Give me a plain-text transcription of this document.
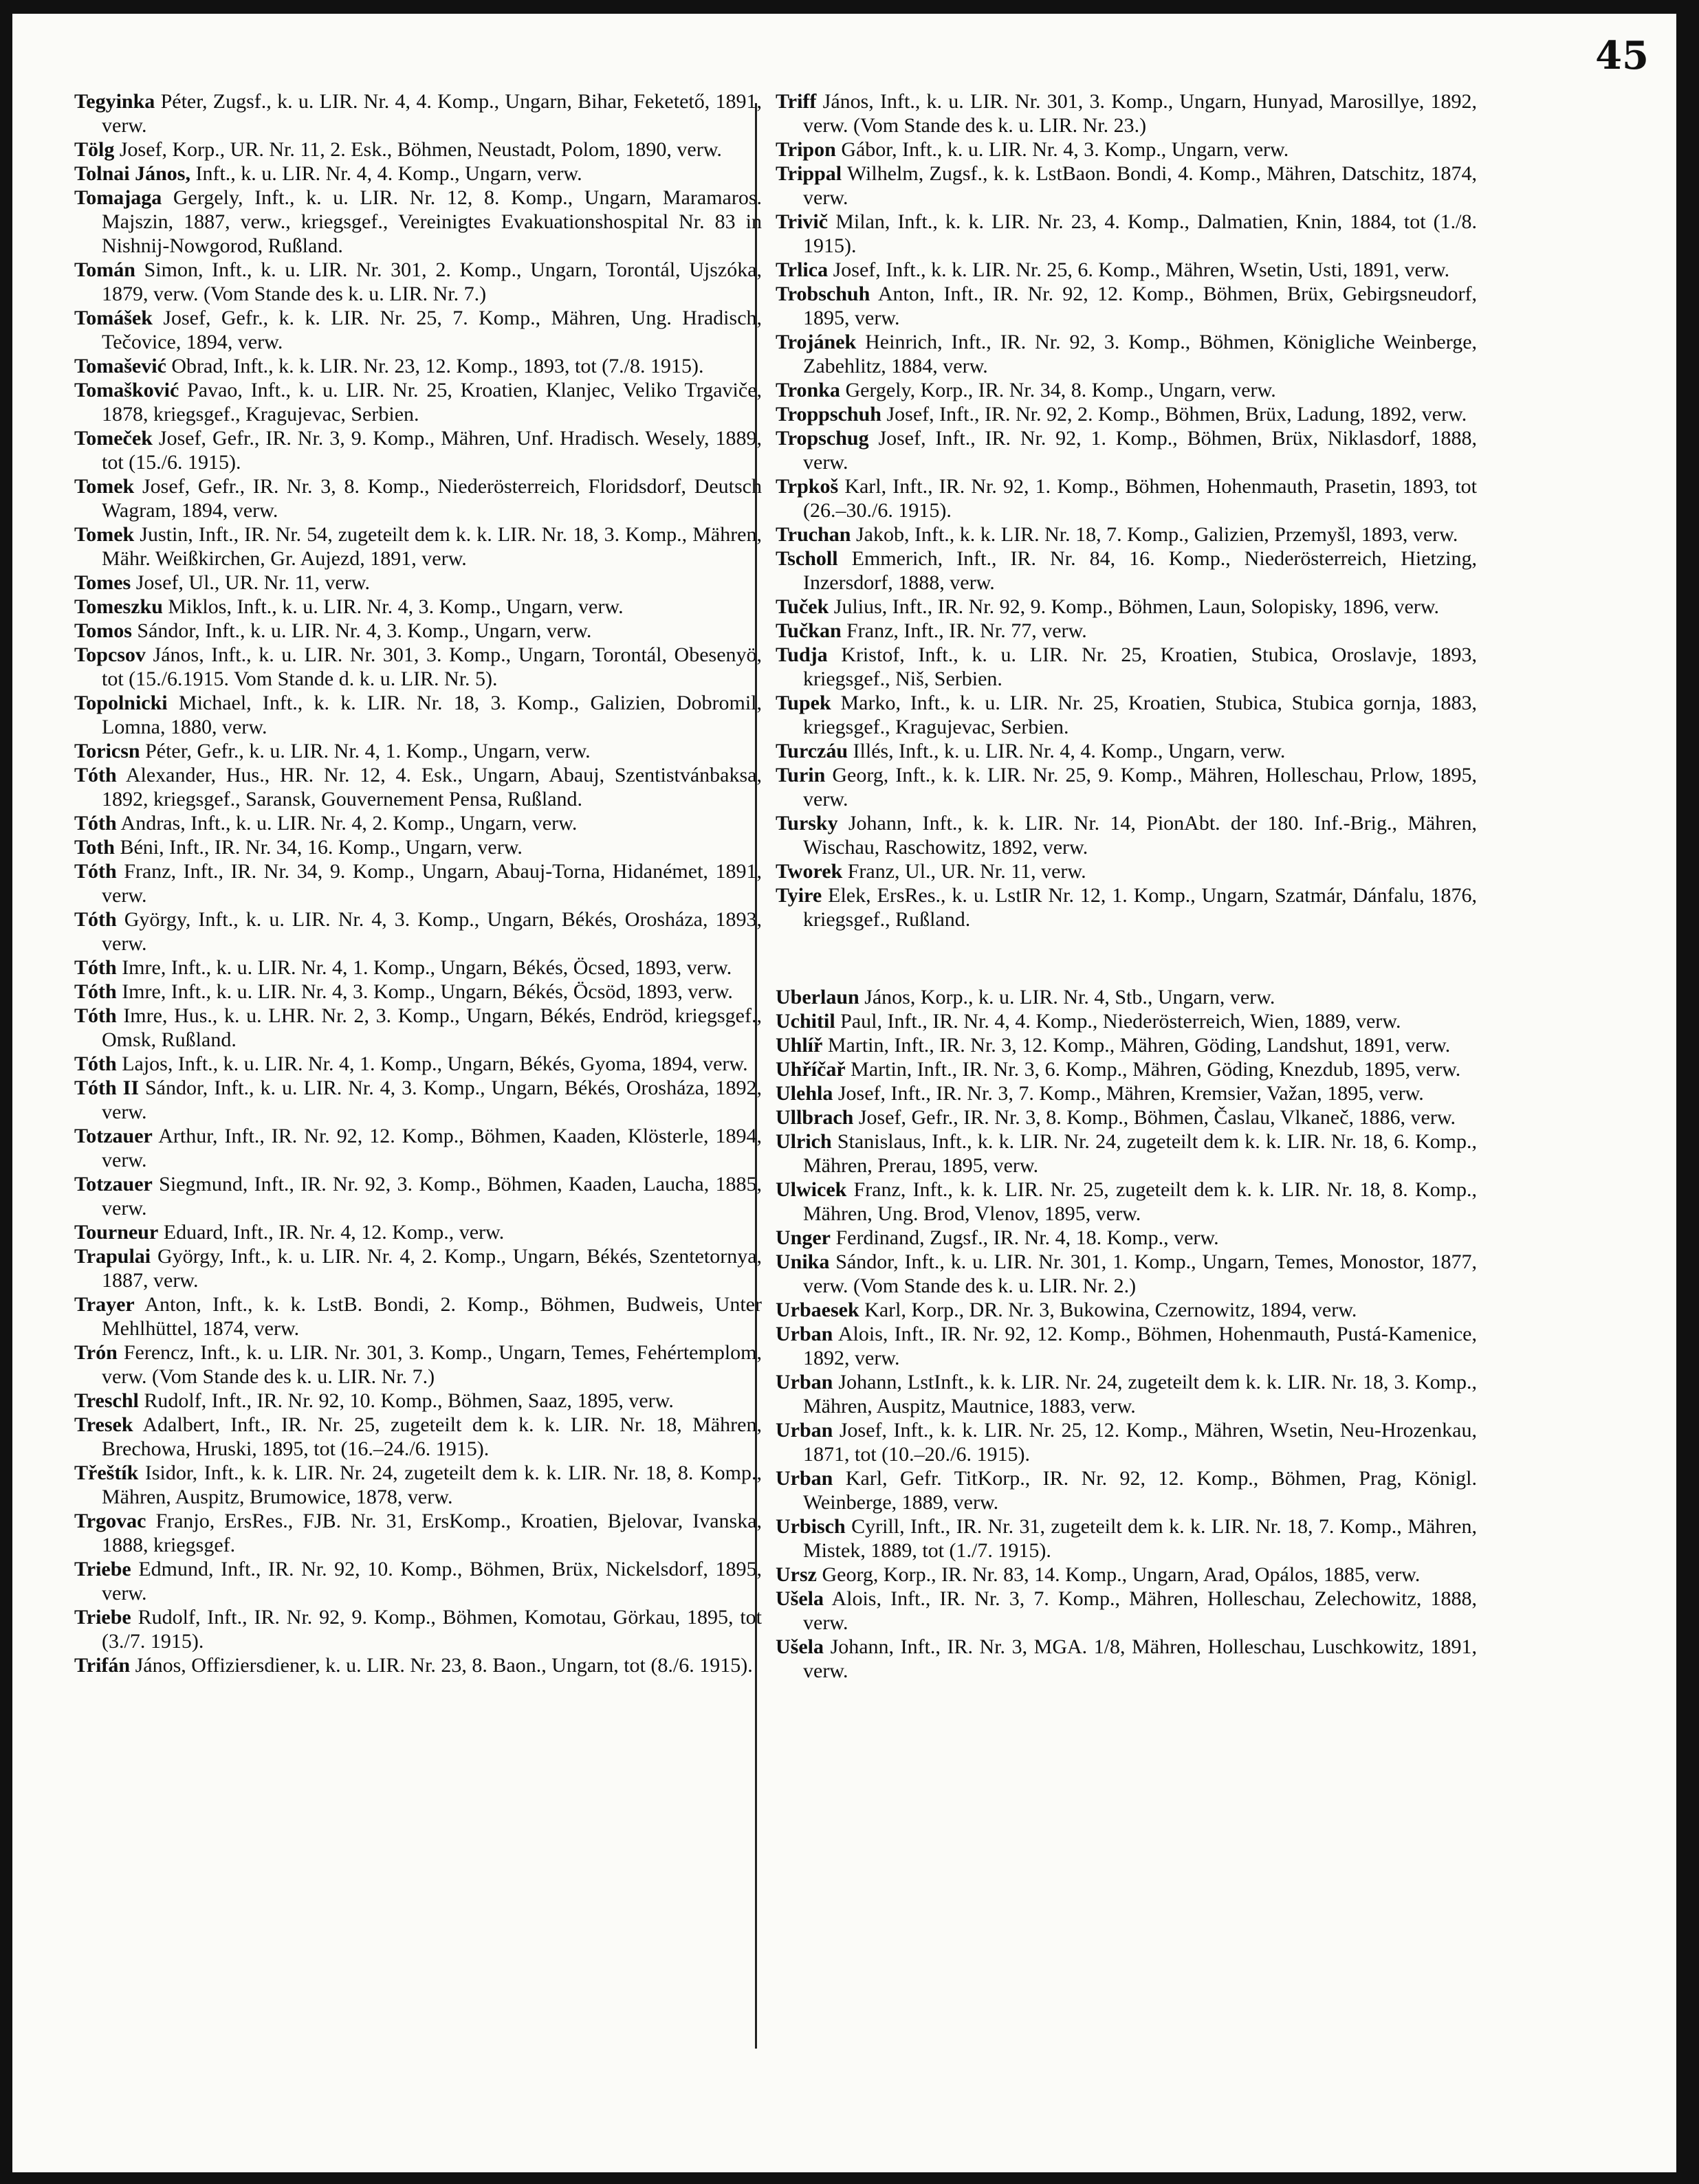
45
Tegyinka Péter, Zugsf., k. u. LIR. Nr. 4, 4. Komp., Ungarn, Bihar, Feketető, 1891, verw.
Tölg Josef, Korp., UR. Nr. 11, 2. Esk., Böhmen, Neustadt, Polom, 1890, verw.
Tolnai János, Inft., k. u. LIR. Nr. 4, 4. Komp., Ungarn, verw.
Tomajaga Gergely, Inft., k. u. LIR. Nr. 12, 8. Komp., Ungarn, Maramaros. Majszin, 1887, verw., kriegsgef., Vereinigtes Evakuationshospital Nr. 83 in Nishnij-Nowgorod, Rußland.
Tomán Simon, Inft., k. u. LIR. Nr. 301, 2. Komp., Ungarn, Torontál, Ujszóka, 1879, verw. (Vom Stande des k. u. LIR. Nr. 7.)
Tomášek Josef, Gefr., k. k. LIR. Nr. 25, 7. Komp., Mähren, Ung. Hradisch, Tečovice, 1894, verw.
Tomašević Obrad, Inft., k. k. LIR. Nr. 23, 12. Komp., 1893, tot (7./8. 1915).
Tomašković Pavao, Inft., k. u. LIR. Nr. 25, Kroatien, Klanjec, Veliko Trgaviče, 1878, kriegsgef., Kragujevac, Serbien.
Tomeček Josef, Gefr., IR. Nr. 3, 9. Komp., Mähren, Unf. Hradisch. Wesely, 1889, tot (15./6. 1915).
Tomek Josef, Gefr., IR. Nr. 3, 8. Komp., Niederösterreich, Floridsdorf, Deutsch Wagram, 1894, verw.
Tomek Justin, Inft., IR. Nr. 54, zugeteilt dem k. k. LIR. Nr. 18, 3. Komp., Mähren, Mähr. Weißkirchen, Gr. Aujezd, 1891, verw.
Tomes Josef, Ul., UR. Nr. 11, verw.
Tomeszku Miklos, Inft., k. u. LIR. Nr. 4, 3. Komp., Ungarn, verw.
Tomos Sándor, Inft., k. u. LIR. Nr. 4, 3. Komp., Ungarn, verw.
Topcsov János, Inft., k. u. LIR. Nr. 301, 3. Komp., Ungarn, Torontál, Obesenyö, tot (15./6.1915. Vom Stande d. k. u. LIR. Nr. 5).
Topolnicki Michael, Inft., k. k. LIR. Nr. 18, 3. Komp., Galizien, Dobromil, Lomna, 1880, verw.
Toricsn Péter, Gefr., k. u. LIR. Nr. 4, 1. Komp., Ungarn, verw.
Tóth Alexander, Hus., HR. Nr. 12, 4. Esk., Ungarn, Abauj, Szentistvánbaksa, 1892, kriegsgef., Saransk, Gouvernement Pensa, Rußland.
Tóth Andras, Inft., k. u. LIR. Nr. 4, 2. Komp., Ungarn, verw.
Toth Béni, Inft., IR. Nr. 34, 16. Komp., Ungarn, verw.
Tóth Franz, Inft., IR. Nr. 34, 9. Komp., Ungarn, Abauj-Torna, Hidanémet, 1891, verw.
Tóth György, Inft., k. u. LIR. Nr. 4, 3. Komp., Ungarn, Békés, Orosháza, 1893, verw.
Tóth Imre, Inft., k. u. LIR. Nr. 4, 1. Komp., Ungarn, Békés, Öcsed, 1893, verw.
Tóth Imre, Inft., k. u. LIR. Nr. 4, 3. Komp., Ungarn, Békés, Öcsöd, 1893, verw.
Tóth Imre, Hus., k. u. LHR. Nr. 2, 3. Komp., Ungarn, Békés, Endröd, kriegsgef., Omsk, Rußland.
Tóth Lajos, Inft., k. u. LIR. Nr. 4, 1. Komp., Ungarn, Békés, Gyoma, 1894, verw.
Tóth II Sándor, Inft., k. u. LIR. Nr. 4, 3. Komp., Ungarn, Békés, Orosháza, 1892, verw.
Totzauer Arthur, Inft., IR. Nr. 92, 12. Komp., Böhmen, Kaaden, Klösterle, 1894, verw.
Totzauer Siegmund, Inft., IR. Nr. 92, 3. Komp., Böhmen, Kaaden, Laucha, 1885, verw.
Tourneur Eduard, Inft., IR. Nr. 4, 12. Komp., verw.
Trapulai György, Inft., k. u. LIR. Nr. 4, 2. Komp., Ungarn, Békés, Szentetornya, 1887, verw.
Trayer Anton, Inft., k. k. LstB. Bondi, 2. Komp., Böhmen, Budweis, Unter Mehlhüttel, 1874, verw.
Trón Ferencz, Inft., k. u. LIR. Nr. 301, 3. Komp., Ungarn, Temes, Fehértemplom, verw. (Vom Stande des k. u. LIR. Nr. 7.)
Treschl Rudolf, Inft., IR. Nr. 92, 10. Komp., Böhmen, Saaz, 1895, verw.
Tresek Adalbert, Inft., IR. Nr. 25, zugeteilt dem k. k. LIR. Nr. 18, Mähren, Brechowa, Hruski, 1895, tot (16.–24./6. 1915).
Třeštík Isidor, Inft., k. k. LIR. Nr. 24, zugeteilt dem k. k. LIR. Nr. 18, 8. Komp., Mähren, Auspitz, Brumowice, 1878, verw.
Trgovac Franjo, ErsRes., FJB. Nr. 31, ErsKomp., Kroatien, Bjelovar, Ivanska, 1888, kriegsgef.
Triebe Edmund, Inft., IR. Nr. 92, 10. Komp., Böhmen, Brüx, Nickelsdorf, 1895, verw.
Triebe Rudolf, Inft., IR. Nr. 92, 9. Komp., Böhmen, Komotau, Görkau, 1895, tot (3./7. 1915).
Trifán János, Offiziersdiener, k. u. LIR. Nr. 23, 8. Baon., Ungarn, tot (8./6. 1915).
Triff János, Inft., k. u. LIR. Nr. 301, 3. Komp., Ungarn, Hunyad, Marosillye, 1892, verw. (Vom Stande des k. u. LIR. Nr. 23.)
Tripon Gábor, Inft., k. u. LIR. Nr. 4, 3. Komp., Ungarn, verw.
Trippal Wilhelm, Zugsf., k. k. LstBaon. Bondi, 4. Komp., Mähren, Datschitz, 1874, verw.
Trivič Milan, Inft., k. k. LIR. Nr. 23, 4. Komp., Dalmatien, Knin, 1884, tot (1./8. 1915).
Trlica Josef, Inft., k. k. LIR. Nr. 25, 6. Komp., Mähren, Wsetin, Usti, 1891, verw.
Trobschuh Anton, Inft., IR. Nr. 92, 12. Komp., Böhmen, Brüx, Gebirgsneudorf, 1895, verw.
Trojánek Heinrich, Inft., IR. Nr. 92, 3. Komp., Böhmen, Königliche Weinberge, Zabehlitz, 1884, verw.
Tronka Gergely, Korp., IR. Nr. 34, 8. Komp., Ungarn, verw.
Troppschuh Josef, Inft., IR. Nr. 92, 2. Komp., Böhmen, Brüx, Ladung, 1892, verw.
Tropschug Josef, Inft., IR. Nr. 92, 1. Komp., Böhmen, Brüx, Niklasdorf, 1888, verw.
Trpkoš Karl, Inft., IR. Nr. 92, 1. Komp., Böhmen, Hohenmauth, Prasetin, 1893, tot (26.–30./6. 1915).
Truchan Jakob, Inft., k. k. LIR. Nr. 18, 7. Komp., Galizien, Przemyšl, 1893, verw.
Tscholl Emmerich, Inft., IR. Nr. 84, 16. Komp., Niederösterreich, Hietzing, Inzersdorf, 1888, verw.
Tuček Julius, Inft., IR. Nr. 92, 9. Komp., Böhmen, Laun, Solopisky, 1896, verw.
Tučkan Franz, Inft., IR. Nr. 77, verw.
Tudja Kristof, Inft., k. u. LIR. Nr. 25, Kroatien, Stubica, Oroslavje, 1893, kriegsgef., Niš, Serbien.
Tupek Marko, Inft., k. u. LIR. Nr. 25, Kroatien, Stubica, Stubica gornja, 1883, kriegsgef., Kragujevac, Serbien.
Turczáu Illés, Inft., k. u. LIR. Nr. 4, 4. Komp., Ungarn, verw.
Turin Georg, Inft., k. k. LIR. Nr. 25, 9. Komp., Mähren, Holleschau, Prlow, 1895, verw.
Tursky Johann, Inft., k. k. LIR. Nr. 14, PionAbt. der 180. Inf.-Brig., Mähren, Wischau, Raschowitz, 1892, verw.
Tworek Franz, Ul., UR. Nr. 11, verw.
Tyire Elek, ErsRes., k. u. LstIR Nr. 12, 1. Komp., Ungarn, Szatmár, Dánfalu, 1876, kriegsgef., Rußland.
Uberlaun János, Korp., k. u. LIR. Nr. 4, Stb., Ungarn, verw.
Uchitil Paul, Inft., IR. Nr. 4, 4. Komp., Niederösterreich, Wien, 1889, verw.
Uhlíř Martin, Inft., IR. Nr. 3, 12. Komp., Mähren, Göding, Landshut, 1891, verw.
Uhříčař Martin, Inft., IR. Nr. 3, 6. Komp., Mähren, Göding, Knezdub, 1895, verw.
Ulehla Josef, Inft., IR. Nr. 3, 7. Komp., Mähren, Kremsier, Važan, 1895, verw.
Ullbrach Josef, Gefr., IR. Nr. 3, 8. Komp., Böhmen, Časlau, Vlkaneč, 1886, verw.
Ulrich Stanislaus, Inft., k. k. LIR. Nr. 24, zugeteilt dem k. k. LIR. Nr. 18, 6. Komp., Mähren, Prerau, 1895, verw.
Ulwicek Franz, Inft., k. k. LIR. Nr. 25, zugeteilt dem k. k. LIR. Nr. 18, 8. Komp., Mähren, Ung. Brod, Vlenov, 1895, verw.
Unger Ferdinand, Zugsf., IR. Nr. 4, 18. Komp., verw.
Unika Sándor, Inft., k. u. LIR. Nr. 301, 1. Komp., Ungarn, Temes, Monostor, 1877, verw. (Vom Stande des k. u. LIR. Nr. 2.)
Urbaesek Karl, Korp., DR. Nr. 3, Bukowina, Czernowitz, 1894, verw.
Urban Alois, Inft., IR. Nr. 92, 12. Komp., Böhmen, Hohenmauth, Pustá-Kamenice, 1892, verw.
Urban Johann, LstInft., k. k. LIR. Nr. 24, zugeteilt dem k. k. LIR. Nr. 18, 3. Komp., Mähren, Auspitz, Mautnice, 1883, verw.
Urban Josef, Inft., k. k. LIR. Nr. 25, 12. Komp., Mähren, Wsetin, Neu-Hrozenkau, 1871, tot (10.–20./6. 1915).
Urban Karl, Gefr. TitKorp., IR. Nr. 92, 12. Komp., Böhmen, Prag, Königl. Weinberge, 1889, verw.
Urbisch Cyrill, Inft., IR. Nr. 31, zugeteilt dem k. k. LIR. Nr. 18, 7. Komp., Mähren, Mistek, 1889, tot (1./7. 1915).
Ursz Georg, Korp., IR. Nr. 83, 14. Komp., Ungarn, Arad, Opálos, 1885, verw.
Ušela Alois, Inft., IR. Nr. 3, 7. Komp., Mähren, Holleschau, Zelechowitz, 1888, verw.
Ušela Johann, Inft., IR. Nr. 3, MGA. 1/8, Mähren, Holleschau, Luschkowitz, 1891, verw.
